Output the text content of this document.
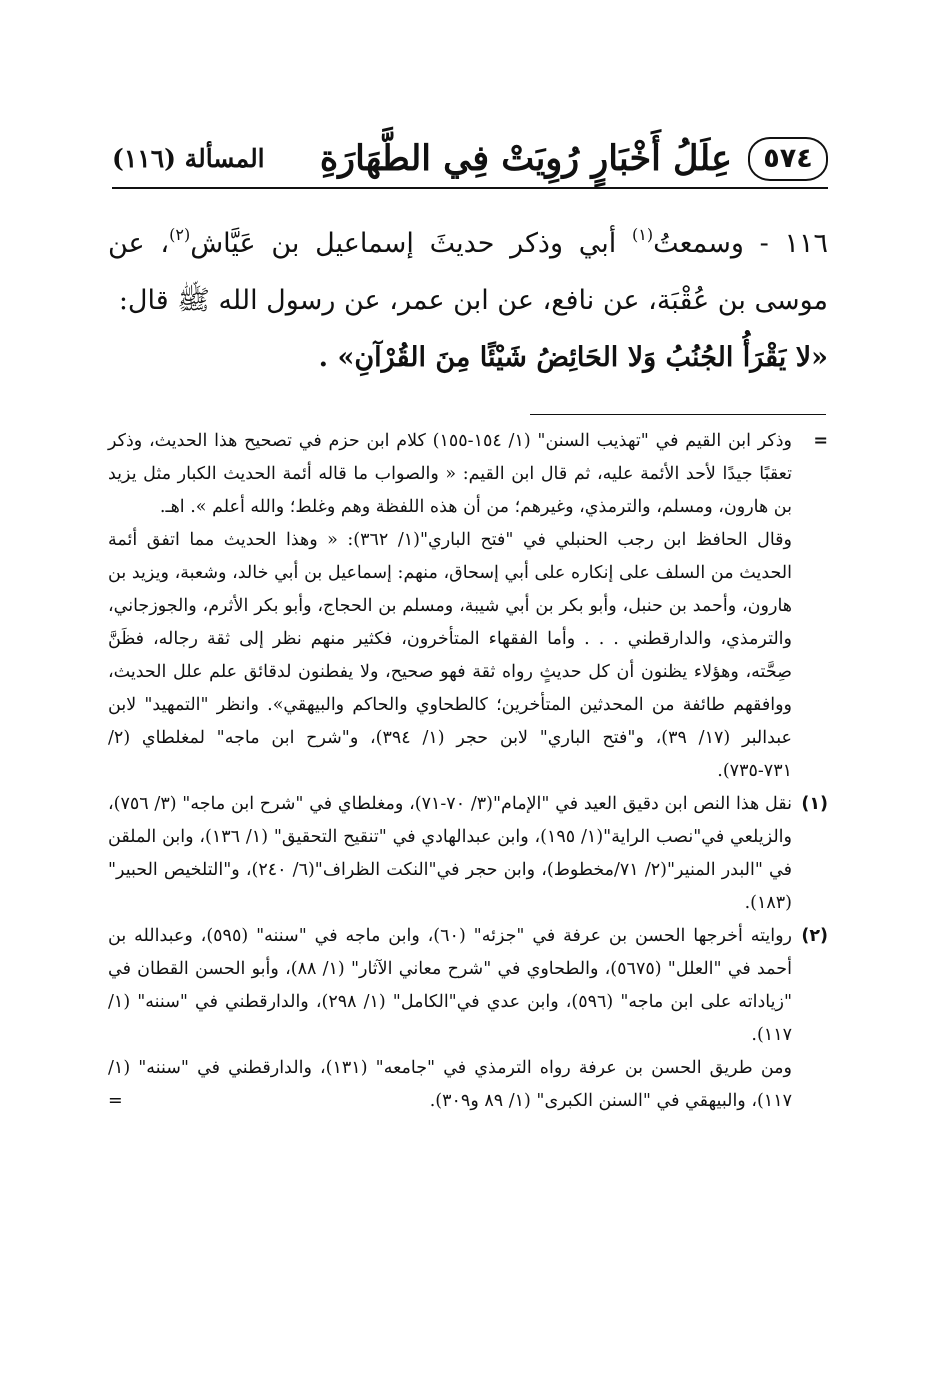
٥٧٤
عِلَلُ أَخْبَارٍ رُوِيَتْ فِي الطَّهَارَةِ
المسألة (١١٦)

١١٦ - وسمعتُ$^{(١)}$ أبي وذكر حديثَ إسماعيل بن عَيَّاش$^{(٢)}$، عن موسى بن عُقْبَة، عن نافع، عن ابن عمر، عن رسول الله ﷺ قال:

«لا يَقْرَأُ الجُنُبُ وَلا الحَائِضُ شَيْئًا مِنَ القُرْآنِ» .

=

وذكر ابن القيم في "تهذيب السنن" (١/ ١٥٤-١٥٥) كلام ابن حزم في تصحيح هذا الحديث، وذكر تعقبًا جيدًا لأحد الأئمة عليه، ثم قال ابن القيم: « والصواب ما قاله أئمة الحديث الكبار مثل يزيد بن هارون، ومسلم، والترمذي، وغيرهم؛ من أن هذه اللفظة وهم وغلط؛ والله أعلم ». اهـ.

وقال الحافظ ابن رجب الحنبلي في "فتح الباري"(١/ ٣٦٢): « وهذا الحديث مما اتفق أئمة الحديث من السلف على إنكاره على أبي إسحاق، منهم: إسماعيل بن أبي خالد، وشعبة، ويزيد بن هارون، وأحمد بن حنبل، وأبو بكر بن أبي شيبة، ومسلم بن الحجاج، وأبو بكر الأثرم، والجوزجاني، والترمذي، والدارقطني . . . وأما الفقهاء المتأخرون، فكثير منهم نظر إلى ثقة رجاله، فظَنَّ صِحَّته، وهؤلاء يظنون أن كل حديثٍ رواه ثقة فهو صحيح، ولا يفطنون لدقائق علم علل الحديث، ووافقهم طائفة من المحدثين المتأخرين؛ كالطحاوي والحاكم والبيهقي». وانظر "التمهيد" لابن عبدالبر (١٧/ ٣٩)، و"فتح الباري" لابن حجر (١/ ٣٩٤)، و"شرح ابن ماجه" لمغلطاي (٢/ ٧٣١-٧٣٥).

(١)

نقل هذا النص ابن دقيق العيد في "الإمام"(٣/ ٧٠-٧١)، ومغلطاي في "شرح ابن ماجه" (٣/ ٧٥٦)، والزيلعي في"نصب الراية"(١/ ١٩٥)، وابن عبدالهادي في "تنقيح التحقيق" (١/ ١٣٦)، وابن الملقن في "البدر المنير"(٢/ ٧١/مخطوط)، وابن حجر في"النكت الظراف"(٦/ ٢٤٠)، و"التلخيص الحبير"(١٨٣).

(٢)

روايته أخرجها الحسن بن عرفة في "جزئه" (٦٠)، وابن ماجه في "سننه" (٥٩٥)، وعبدالله بن أحمد في "العلل" (٥٦٧٥)، والطحاوي في "شرح معاني الآثار" (١/ ٨٨)، وأبو الحسن القطان في "زياداته على ابن ماجه" (٥٩٦)، وابن عدي في"الكامل" (١/ ٢٩٨)، والدارقطني في "سننه" (١/ ١١٧).

ومن طريق الحسن بن عرفة رواه الترمذي في "جامعه" (١٣١)، والدارقطني في "سننه" (١/ ١١٧)، والبيهقي في "السنن الكبرى" (١/ ٨٩ و٣٠٩).

=
